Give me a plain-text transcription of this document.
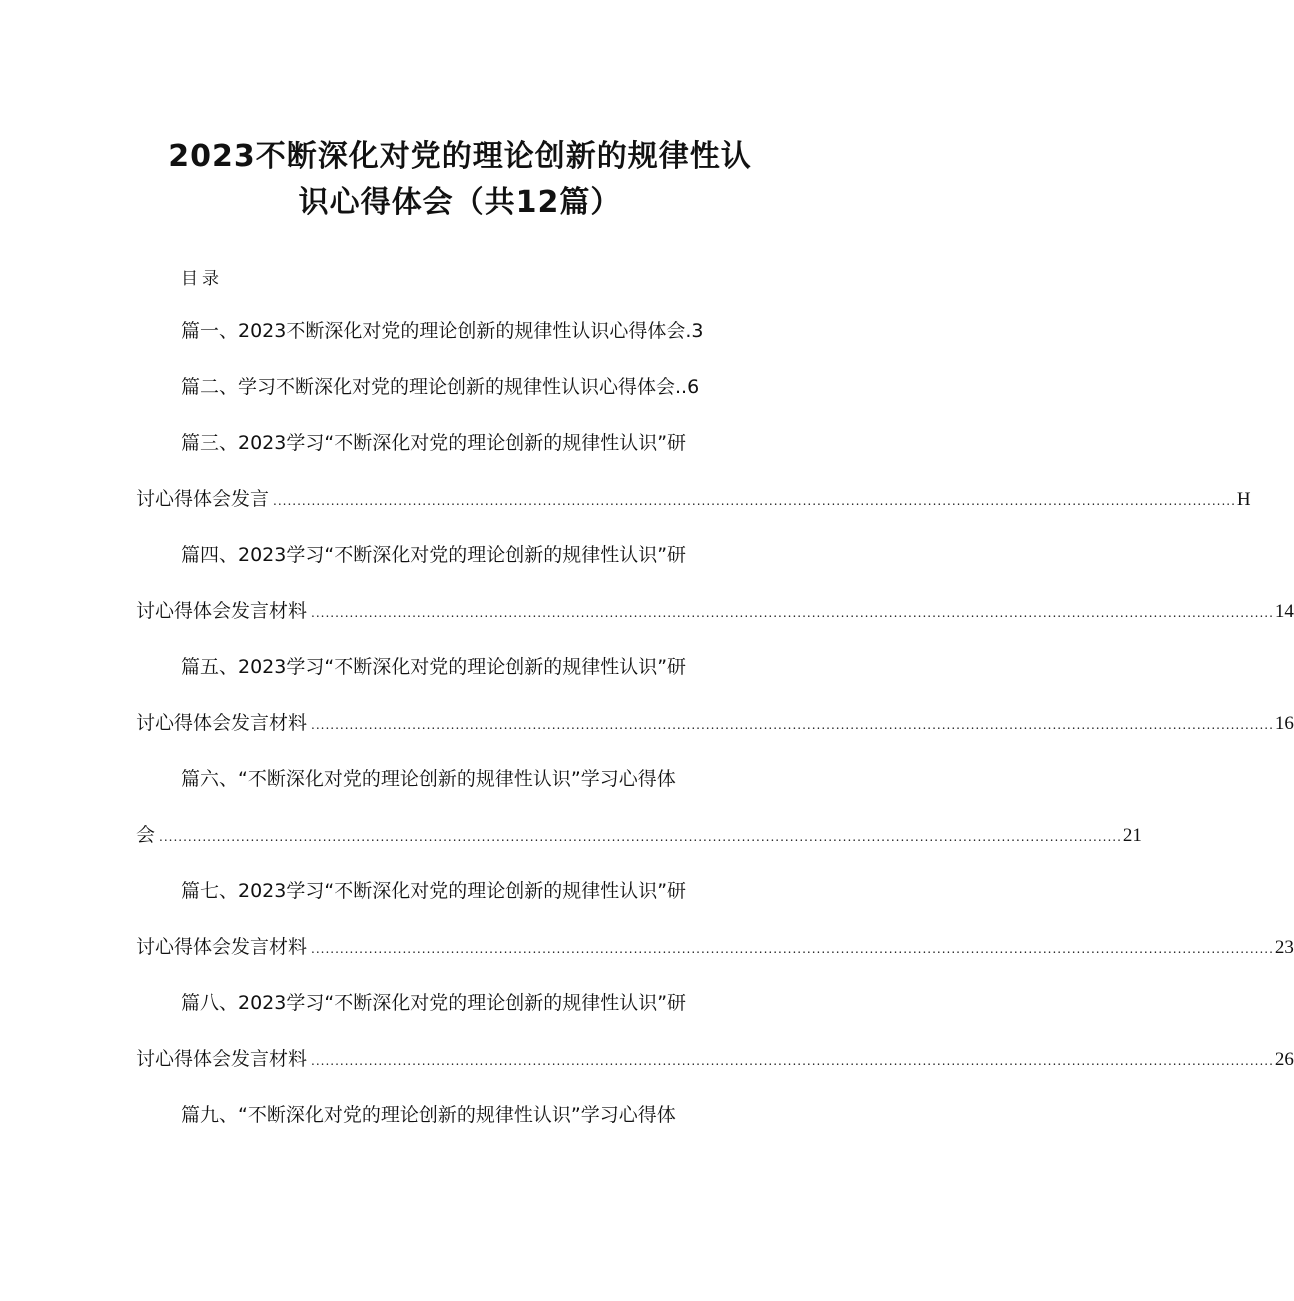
2023不断深化对党的理论创新的规律性认
识心得体会（共12篇）
目录
篇一、2023不断深化对党的理论创新的规律性认识心得体会.3
篇二、学习不断深化对党的理论创新的规律性认识心得体会..6
篇三、2023学习“不断深化对党的理论创新的规律性认识”研
讨心得体会发言 ........................................................................................................................................................................................................ H
篇四、2023学习“不断深化对党的理论创新的规律性认识”研
讨心得体会发言材料 ........................................................................................................................................................................................................ 14
篇五、2023学习“不断深化对党的理论创新的规律性认识”研
讨心得体会发言材料 ........................................................................................................................................................................................................ 16
篇六、“不断深化对党的理论创新的规律性认识”学习心得体
会 ........................................................................................................................................................................................................ 21
篇七、2023学习“不断深化对党的理论创新的规律性认识”研
讨心得体会发言材料 ........................................................................................................................................................................................................ 23
篇八、2023学习“不断深化对党的理论创新的规律性认识”研
讨心得体会发言材料 ........................................................................................................................................................................................................ 26
篇九、“不断深化对党的理论创新的规律性认识”学习心得体
